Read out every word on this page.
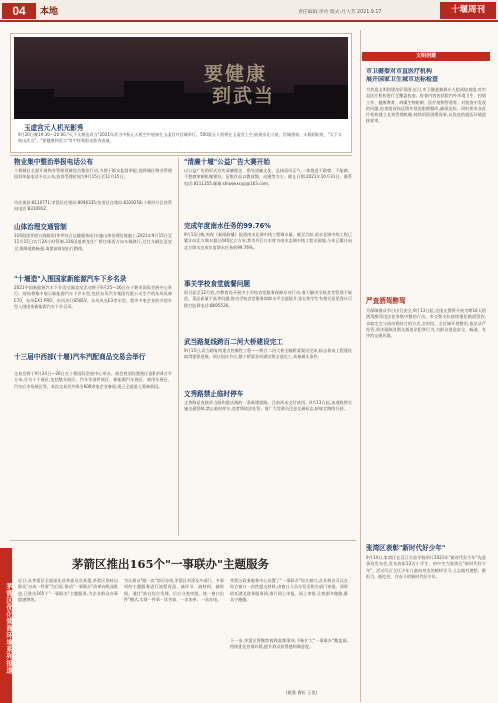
04	本地	责任编辑:李玲 版式:月大芳 2021.9.17	十堰周刊
要健康
到武当
玉虚宫元人机光影秀
9月20日晚19:30—20:00,"天下太极出武当"2021年武当中秋元人机空中展演在玉虚宫外宫城举行。500架无人机将在玉虚宫上空,展现出北斗星、宫城建筑、太极阴阳鱼、"天下太极出武当"、"要健康到武当"等字样和彩光影秀表演。
物业集中整治举报电话公布
十堰城区全面开展物业管理领域综合整治行动,为便于群众监督举报,现将城区物业管理投诉举报电话予以公布,投诉受理时间为9月15日至11月15日。
市住建局:8110771;茅箭区住建局:8096335;张湾区住建局:8329258;十堰经开区房管局电话:8310912。
山体治理交通管制
316国道茅塔五线路段(茅坪综合运输服务站)实施山体治理边坡施工,2021年9月15日至11月15日实行24小时管制,316国道黄龙往广桥往郧西方向车辆绕行,过往车辆注意安全,保障道路畅通,请提前规划出行路线。
"十堰造"入围国家新能源汽车下乡名录
2021中国新能源汽车下乡活动湖北站活动将于9月25—26日在十堰市国际会展中心举行。现场将集中展示新能源汽车下乡车型,包括东风汽车集团有限公司生产的东风风神E70、东风EX1 PRO、东风风行S50EV、东风风光E3等车型。我市多家企业的多款车型入围国家新能源汽车下乡目录。
十三届中西部(十堰)汽车汽配商品交易会举行
交易会将于9月24日—26日在十堰国际会展中心举办。展会规划设置展区面积约4万平方米,分为十个展区,包括整车展区、汽车零部件展区、新能源汽车展区、商用车展区、汽车后市场展区等。本次交易会共吸引600余家企业参展,现已全面进入筹备阶段。
"清廉十堰"公益广告大赛开始
以公益广告的形式宣传清廉理念、倡导清廉文化、弘扬清风正气,一体推进不敢腐、不能腐、不想腐体制机制建设。征集作品以微视频、动漫等为主。截止日期:2021年10月31日。联系电话:8111355,邮箱:shiwjwxcyp@163.com。
完成年度南水任务的99.76%
9月13日晚,央视《新闻联播》报道南水北调中线工程调水量。截至目前,南水北调中线工程已累计向北方调水超过440亿立方米,我市丹江口水库为南水北调中线工程水源地,今年已累计向北方调水完成年度调水任务的99.76%。
事关学校食堂就餐问题
即日起至12月底,市教育局开展中小学校食堂服务保障专项行动,着力解决学校食堂管理不规范、菜品质量不高等问题,推动学校食堂服务保障水平全面提升,家长和学生有相关意见建议可拨打监督电话:8695526。
武当路复线跨百二河大桥建设完工
9月15日,武当路复线重点控制性工程——跨百二河大桥全幅桥梁架设完成,标志着该工程建设取得重要进展。预计国庆节后,整个桥梁各项建设将全部完工,具备通车条件。
文秀路禁止临时停车
文秀路是连接武当路和重庆路的一条新建道路。目前尚未交付使用。9月13日起,该道路将实施交通管制,禁止临时停车,违者将依法处罚。请广大驾驶员注意交通标志,按规定路线行驶。
文明创建
市卫健委对市直医疗机构
展开国家卫生城市达标检查
为营造文明创建良好氛围,近日,市卫健委抽调专人组成检查组,对市直医疗机构进行全覆盖检查。检查内容包括院内外环境卫生、控烟工作、健康教育、病媒生物防制、医疗废物管理等。对检查中发现的问题,检查组现场反馈并督促限期整改,确保达标。同时要求各医疗机构建立长效管理机制,持续巩固创建成果,以优良的就医环境迎接复审。
严查酒驾醉驾
为保障群众节日出行安全,9月13日起,全国交警将开展为期16天的酒驾醉驾违法犯罪集中整治行动。市交警支队持续强化路面管控,采取定点与流动相结合的方式,全时段、全区域开展整治,依法从严处罚,坚决遏制涉酒交通违法犯罪行为,为群众创造安全、畅通、有序的交通环境。
张湾区表彰"新时代好少年"
9月14日,张湾区在汉江实验学校举行2021年"新时代好少年"先进事迹发布会,发布表彰12名小学生、初中生为张湾区"新时代好少年"。活动号召全区少年儿童向身边的榜样学习,立志做有理想、敢担当、能吃苦、肯奋斗的新时代好少年。
茅箭区优化营商环境系列报道
茅箭区推出165个"一事联办"主题服务
近日,从茅箭区全面深化改革委员会获悉,茅箭区坚持以群众"办成一件事"为目标,推动"一事联办"改革向纵深推进,已推出165个"一事联办"主题服务,为企业群众办事提速增效。
为让群众"跑一次"即可办结,茅箭区对涉及多部门、多事项的主题服务进行流程再造、减环节、减材料、减时间。通过"前台综合受理、后台分类审批、统一窗口出件"模式,实现一件事一次告知、一次表单、一次办结。
茅箭区政务服务中心设置了"一事联办"综合窗口,企业群众可以在综合窗口一次性提交材料,由窗口人员分发至相关部门审批。同时依托湖北政务服务网,推行网上申报、网上审批,让数据多跑路,群众少跑腿。
下一步,茅箭区将继续梳理高频事项,不断扩大"一事联办"覆盖面,持续优化营商环境,提升群众获得感和满意度。
(姚蔓 曹昕 王优)
